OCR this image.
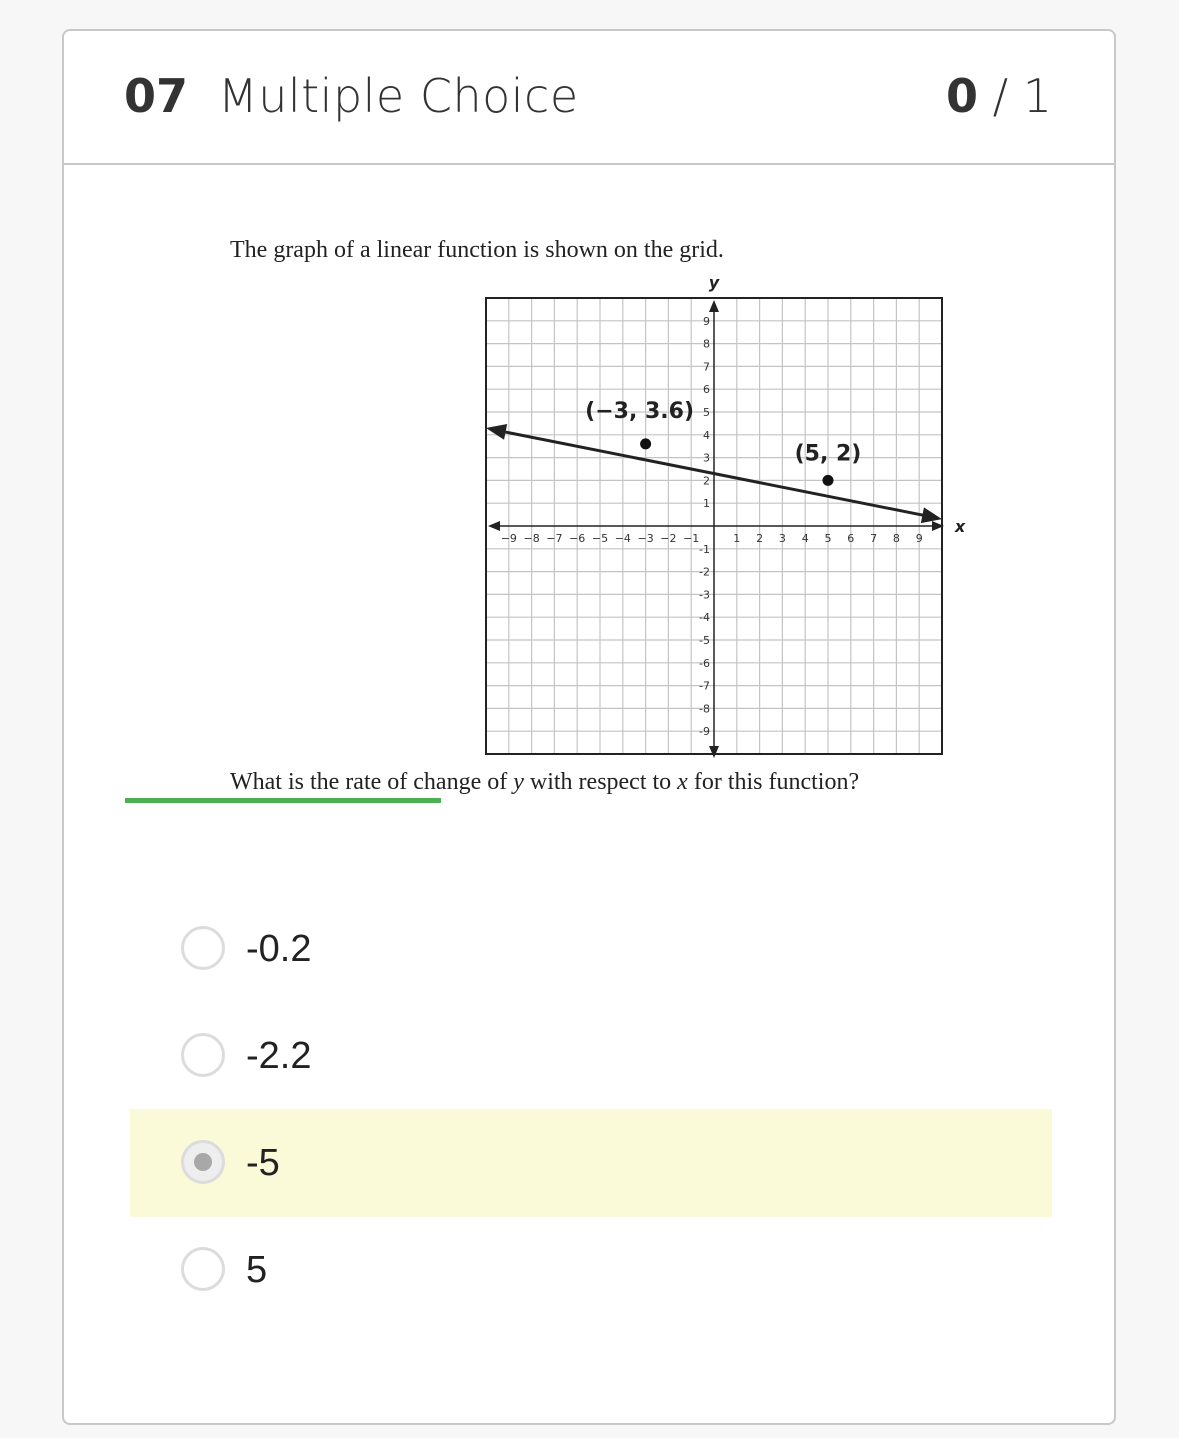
07 Multiple Choice	0 / 1
The graph of a linear function is shown on the grid.
−9 −8 −7 −6 −5 −4 −3 −2 −1	1 2 3 4 5 6 7 8 9
-9
-8
-7
-6
-5
-4
-3
-2
-1
1
2
3
4
5
6
7
8
9
y
x
(−3, 3.6)
(5, 2)
What is the rate of change of y with respect to x for this function?
-0.2
-2.2
-5
5
